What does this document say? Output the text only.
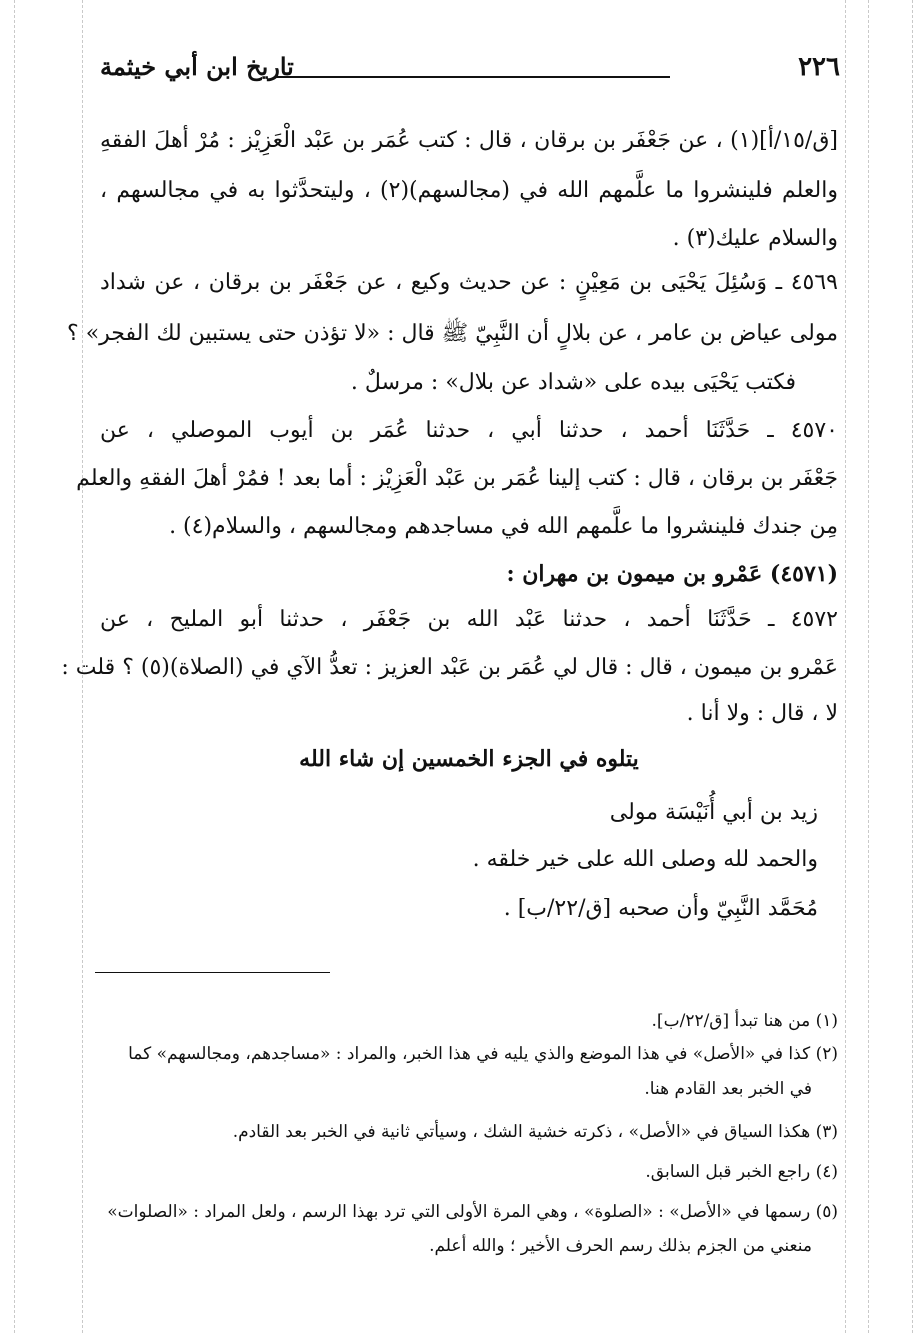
٢٢٦
تاريخ ابن أبي خيثمة
[ق/١٥/أ](١) ، عن جَعْفَر بن برقان ، قال : كتب عُمَر بن عَبْد الْعَزِيْز : مُرْ أهلَ الفقهِ
والعلم فلينشروا ما علَّمهم الله في (مجالسهم)(٢) ، وليتحدَّثوا به في مجالسهم ،
والسلام عليك(٣) .
٤٥٦٩ ـ وَسُئِلَ يَحْيَى بن مَعِيْنٍ : عن حديث وكيع ، عن جَعْفَر بن برقان ، عن شداد
مولى عياض بن عامر ، عن بلالٍ أن النَّبِيّ ﷺ قال : «لا تؤذن حتى يستبين لك الفجر» ؟
فكتب يَحْيَى بيده على «شداد عن بلال» : مرسلٌ .
٤٥٧٠ ـ حَدَّثَنَا أحمد ، حدثنا أبي ، حدثنا عُمَر بن أيوب الموصلي ، عن
جَعْفَر بن برقان ، قال : كتب إلينا عُمَر بن عَبْد الْعَزِيْز : أما بعد ! فمُرْ أهلَ الفقهِ والعلم
مِن جندك فلينشروا ما علَّمهم الله في مساجدهم ومجالسهم ، والسلام(٤) .
(٤٥٧١) عَمْرو بن ميمون بن مهران :
٤٥٧٢ ـ حَدَّثَنَا أحمد ، حدثنا عَبْد الله بن جَعْفَر ، حدثنا أبو المليح ، عن
عَمْرو بن ميمون ، قال : قال لي عُمَر بن عَبْد العزيز : تعدُّ الآي في (الصلاة)(٥) ؟ قلت :
لا ، قال : ولا أنا .
يتلوه في الجزء الخمسين إن شاء الله
زيد بن أبي أُنَيْسَة مولى
والحمد لله وصلى الله على خير خلقه .
مُحَمَّد النَّبِيّ وأن صحبه [ق/٢٢/ب] .
(١) من هنا تبدأ [ق/٢٢/ب].
(٢) كذا في «الأصل» في هذا الموضع والذي يليه في هذا الخبر، والمراد : «مساجدهم، ومجالسهم» كما
في الخبر بعد القادم هنا.
(٣) هكذا السياق في «الأصل» ، ذكرته خشية الشك ، وسيأتي ثانية في الخبر بعد القادم.
(٤) راجع الخبر قبل السابق.
(٥) رسمها في «الأصل» : «الصلوة» ، وهي المرة الأولى التي ترد بهذا الرسم ، ولعل المراد : «الصلوات»
منعني من الجزم بذلك رسم الحرف الأخير ؛ والله أعلم.
